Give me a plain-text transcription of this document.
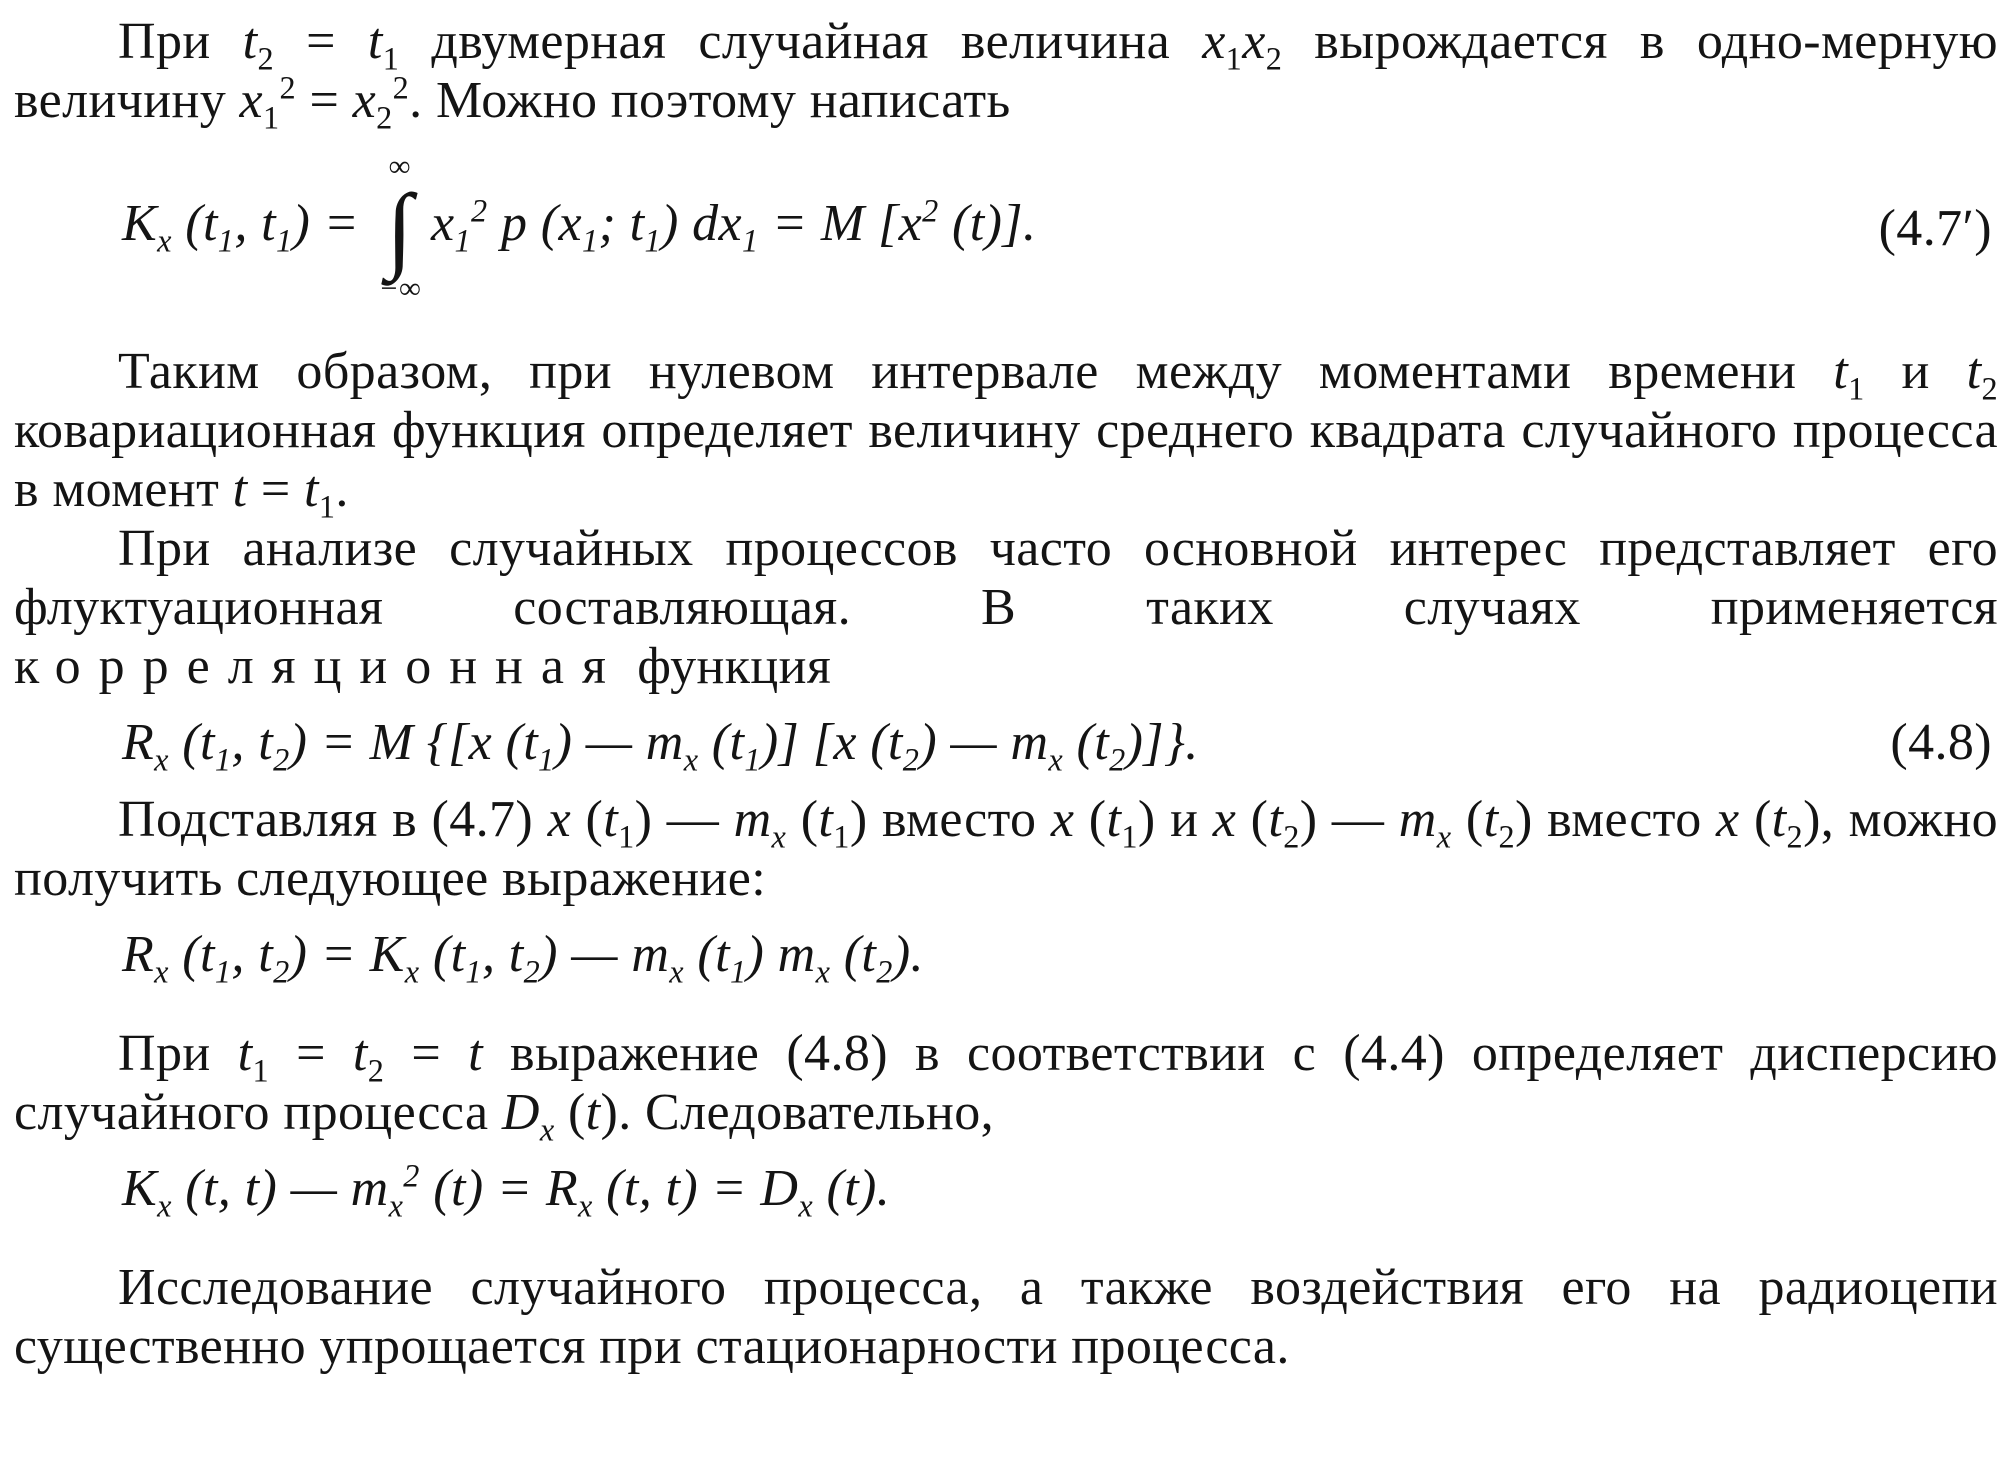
При $t_2 = t_1$ двумерная случайная величина $x_1x_2$ вырождается в одно-мерную величину $x_1^2 = x_2^2$. Можно поэтому написать

$K_x$ ($t_1$, $t_1$) =
∞
∫
−∞
$x_1^2$ p ($x_1$; $t_1$) $dx_1 = M$ [$x^2$ (t)].	(4.7′)

Таким образом, при нулевом интервале между моментами времени $t_1$ и $t_2$ ковариационная функция определяет величину среднего квадрата случайного процесса в момент $t = t_1$.

При анализе случайных процессов часто основной интерес представляет его флуктуационная составляющая. В таких случаях применяется корреляционная функция

$R_x$ ($t_1$, $t_2) = M$ {[x $(t_1)$ — $m_x$ $(t_1)$] [x $(t_2)$ — $m_x$ $(t_2)$]}.	(4.8)

Подставляя в (4.7) x $(t_1)$ — $m_x$ $(t_1)$ вместо x $(t_1)$ и x $(t_2)$ — $m_x$ $(t_2)$ вместо x $(t_2)$, можно получить следующее выражение:

$R_x$ ($t_1$, $t_2) = K_x$ ($t_1$, $t_2$) — $m_x$ $(t_1)$ $m_x$ $(t_2)$.

При $t_1 = t_2 = t$ выражение (4.8) в соответствии с (4.4) определяет дисперсию случайного процесса $D_x$ (t). Следовательно,

$K_x$ (t, t) — $m_x^2$ $(t) = R_x$ (t, $t) = D_x$ (t).

Исследование случайного процесса, а также воздействия его на радиоцепи существенно упрощается при стационарности процесса.
